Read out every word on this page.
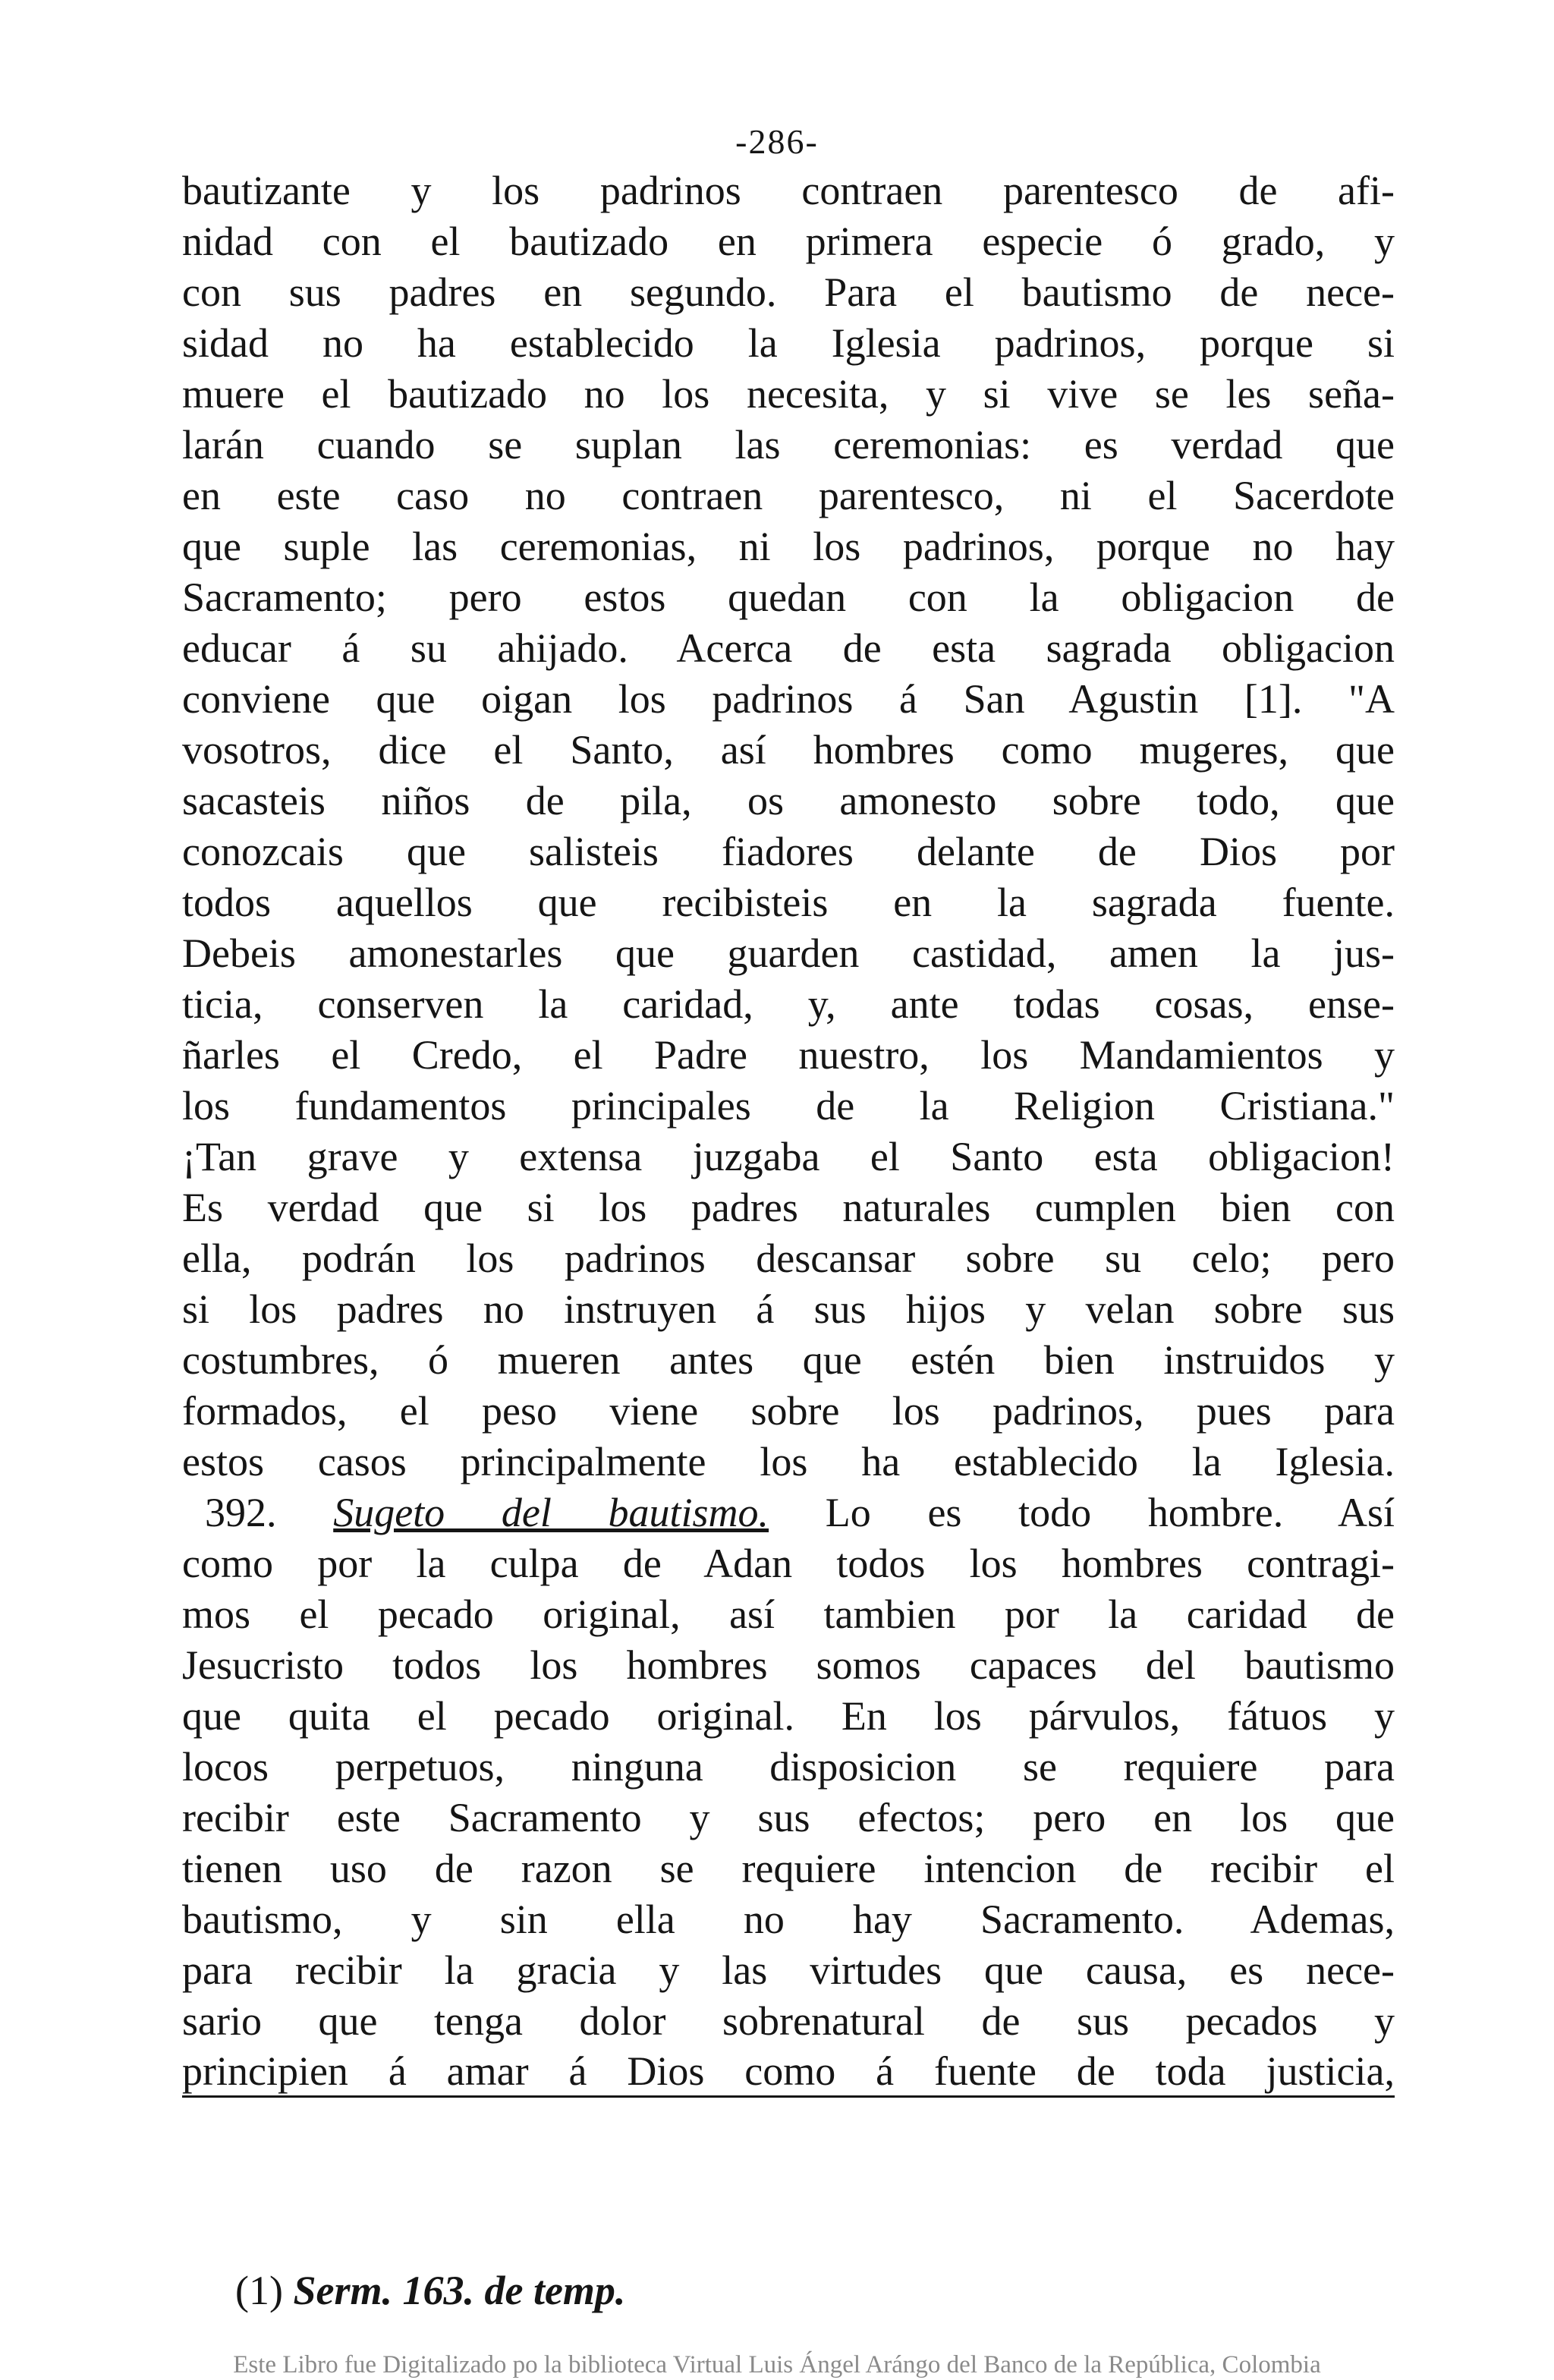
-286-
bautizante y los padrinos contraen parentesco de afi-
nidad con el bautizado en primera especie ó grado, y
con sus padres en segundo. Para el bautismo de nece-
sidad no ha establecido la Iglesia padrinos, porque si
muere el bautizado no los necesita, y si vive se les seña-
larán cuando se suplan las ceremonias: es verdad que
en este caso no contraen parentesco, ni el Sacerdote
que suple las ceremonias, ni los padrinos, porque no hay
Sacramento; pero estos quedan con la obligacion de
educar á su ahijado. Acerca de esta sagrada obligacion
conviene que oigan los padrinos á San Agustin [1]. "A
vosotros, dice el Santo, así hombres como mugeres, que
sacasteis niños de pila, os amonesto sobre todo, que
conozcais que salisteis fiadores delante de Dios por
todos aquellos que recibisteis en la sagrada fuente.
Debeis amonestarles que guarden castidad, amen la jus-
ticia, conserven la caridad, y, ante todas cosas, ense-
ñarles el Credo, el Padre nuestro, los Mandamientos y
los fundamentos principales de la Religion Cristiana."
¡Tan grave y extensa juzgaba el Santo esta obligacion!
Es verdad que si los padres naturales cumplen bien con
ella, podrán los padrinos descansar sobre su celo; pero
si los padres no instruyen á sus hijos y velan sobre sus
costumbres, ó mueren antes que estén bien instruidos y
formados, el peso viene sobre los padrinos, pues para
estos casos principalmente los ha establecido la Iglesia.
392. Sugeto del bautismo. Lo es todo hombre. Así
como por la culpa de Adan todos los hombres contragi-
mos el pecado original, así tambien por la caridad de
Jesucristo todos los hombres somos capaces del bautismo
que quita el pecado original. En los párvulos, fátuos y
locos perpetuos, ninguna disposicion se requiere para
recibir este Sacramento y sus efectos; pero en los que
tienen uso de razon se requiere intencion de recibir el
bautismo, y sin ella no hay Sacramento. Ademas,
para recibir la gracia y las virtudes que causa, es nece-
sario que tenga dolor sobrenatural de sus pecados y
principien á amar á Dios como á fuente de toda justicia,
(1) Serm. 163. de temp.
Este Libro fue Digitalizado po la biblioteca Virtual Luis Ángel Arángo del Banco de la República, Colombia
